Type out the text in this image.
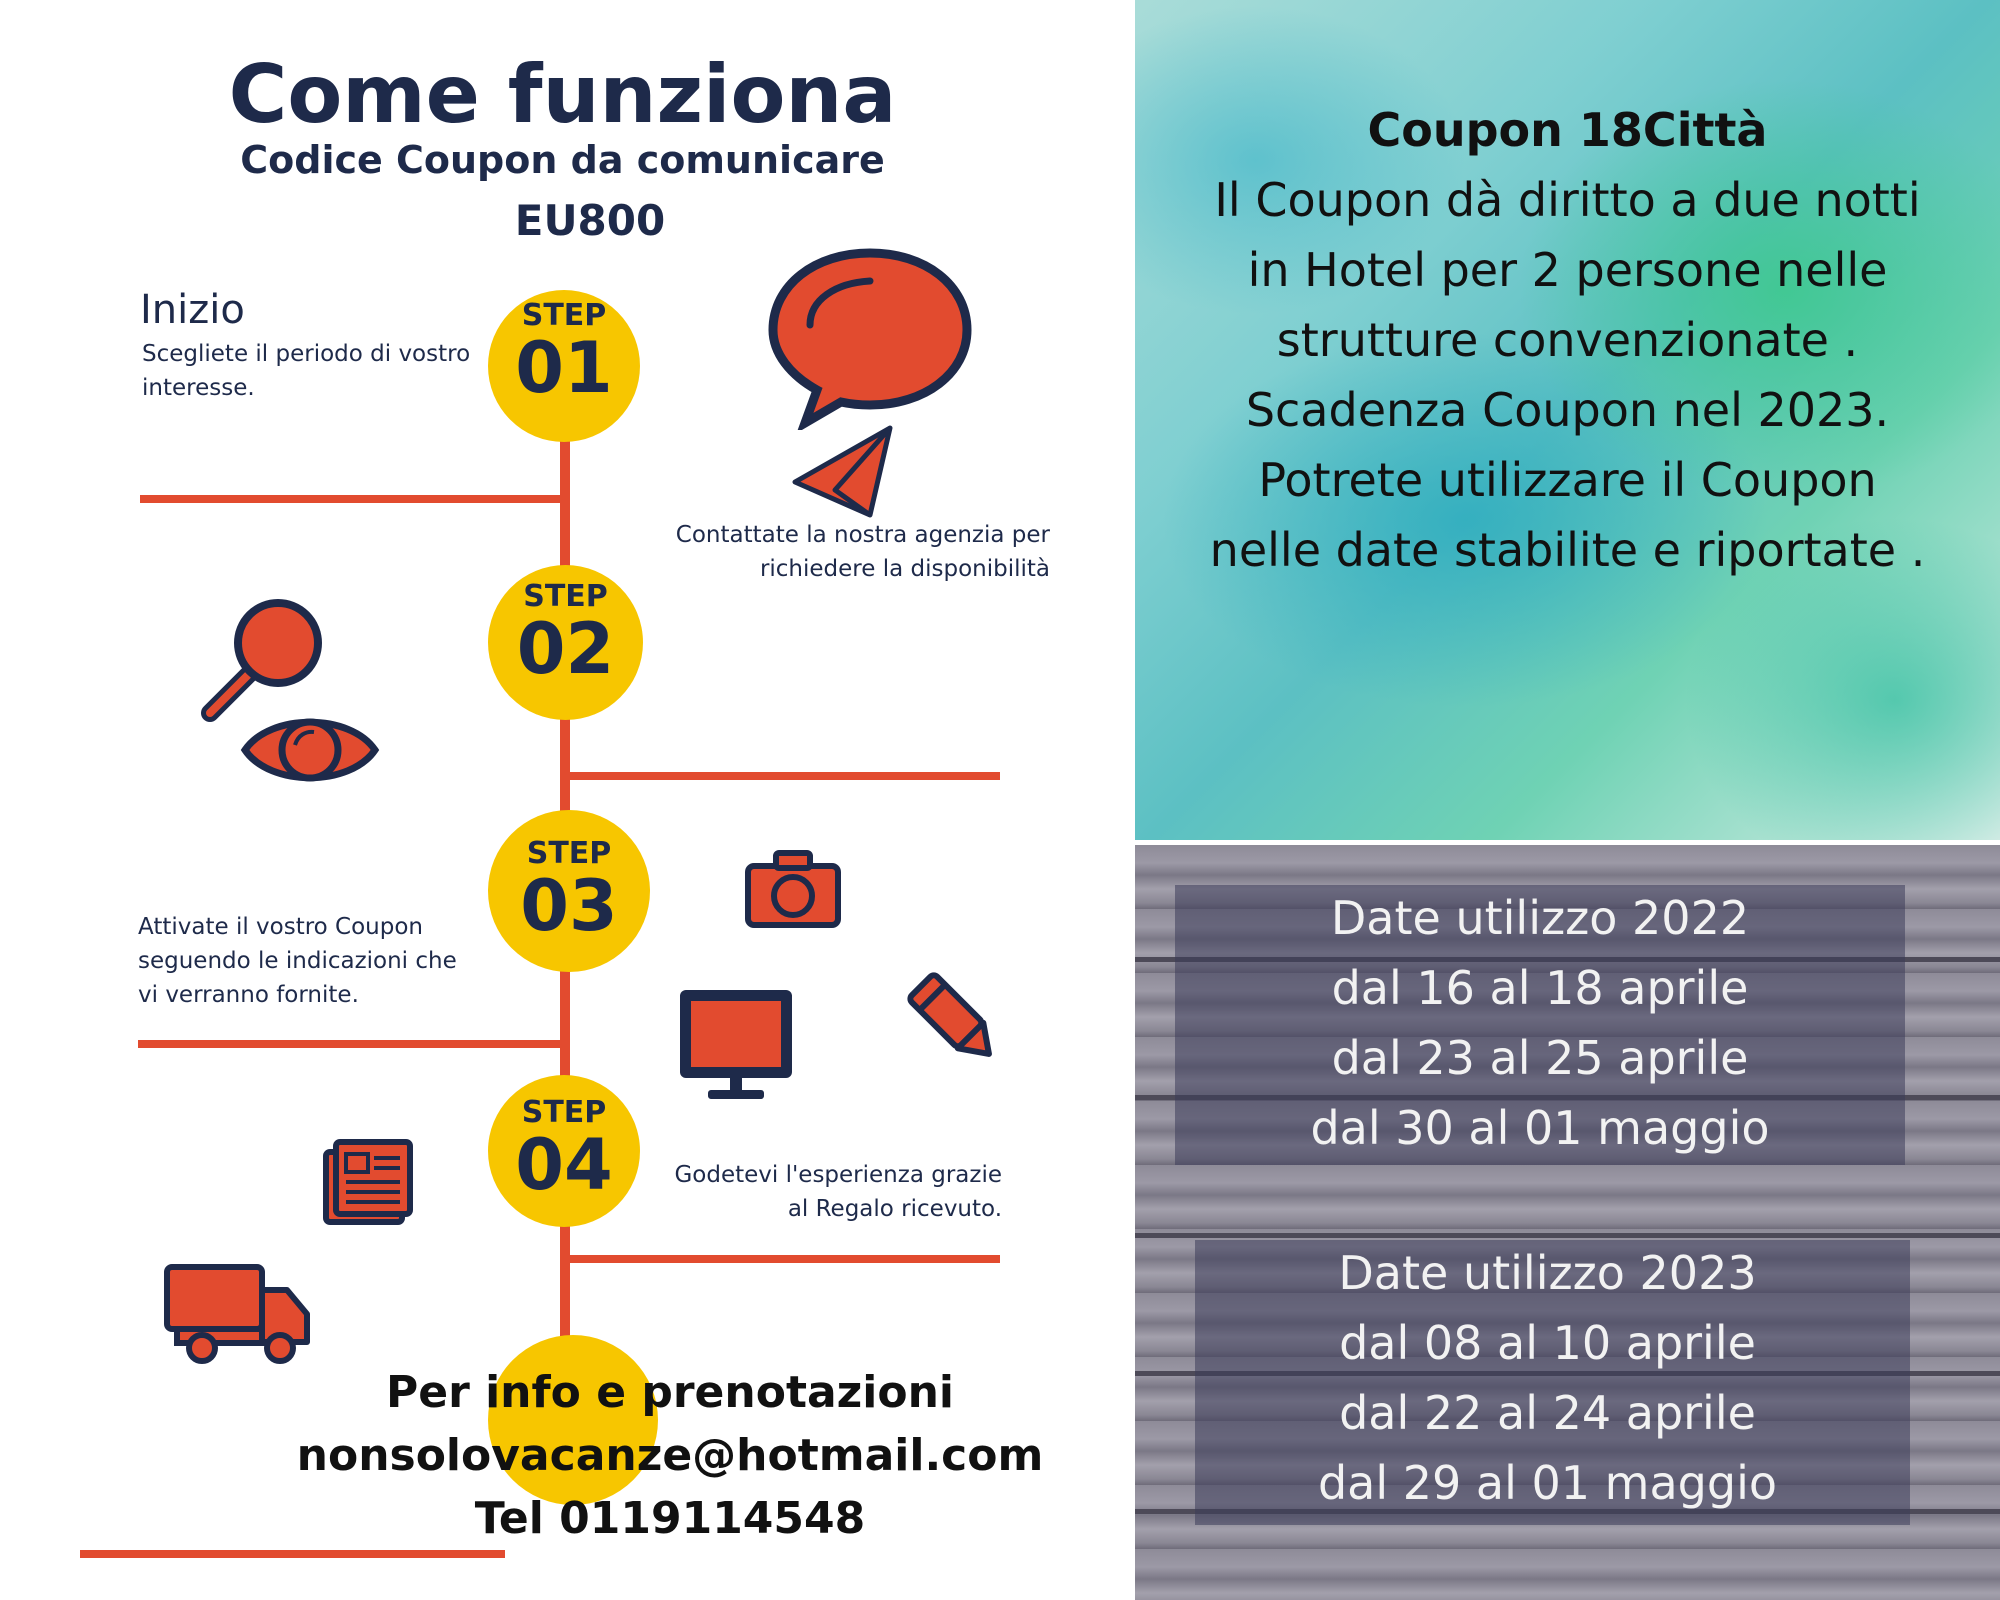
Come funziona
Codice Coupon da comunicare
EU800
Inizio
Scegliete il periodo di vostro
interesse.
STEP
01
Contattate la nostra agenzia per
richiedere la disponibilità
STEP
02
Attivate il vostro Coupon
seguendo le indicazioni che
vi verranno fornite.
STEP
03
Godetevi l'esperienza grazie
al Regalo ricevuto.
STEP
04
Per info e prenotazioni
nonsolovacanze@hotmail.com
Tel 0119114548
Coupon 18Città
Il Coupon dà diritto a due notti
in Hotel per 2 persone nelle
strutture convenzionate .
Scadenza Coupon nel 2023.
Potrete utilizzare il Coupon
nelle date stabilite e riportate .
Date utilizzo 2022
dal 16 al 18 aprile
dal 23 al 25 aprile
dal 30 al 01 maggio
Date utilizzo 2023
dal 08 al 10 aprile
dal 22 al 24 aprile
dal 29 al 01 maggio
